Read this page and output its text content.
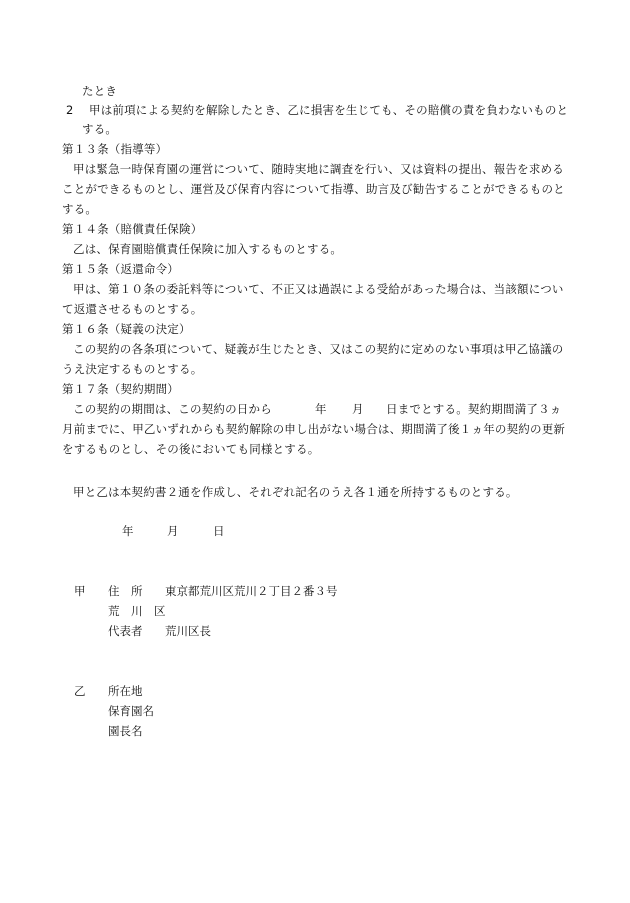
たとき
2 甲は前項による契約を解除したとき、乙に損害を生じても、その賠償の責を負わないものと
する。
第１３条（指導等）
甲は緊急一時保育園の運営について、随時実地に調査を行い、又は資料の提出、報告を求める
ことができるものとし、運営及び保育内容について指導、助言及び勧告することができるものと
する。
第１４条（賠償責任保険）
乙は、保育園賠償責任保険に加入するものとする。
第１５条（返還命令）
甲は、第１０条の委託料等について、不正又は過誤による受給があった場合は、当該額につい
て返還させるものとする。
第１６条（疑義の決定）
この契約の各条項について、疑義が生じたとき、又はこの契約に定めのない事項は甲乙協議の
うえ決定するものとする。
第１７条（契約期間）
この契約の期間は、この契約の日から	年 月 日までとする。契約期間満了３ヵ
月前までに、甲乙いずれからも契約解除の申し出がない場合は、期間満了後１ヵ年の契約の更新
をするものとし、その後においても同様とする。
甲と乙は本契約書２通を作成し、それぞれ記名のうえ各１通を所持するものとする。
年	月	日
甲 住　所 東京都荒川区荒川２丁目２番３号
荒　川　区
代表者 荒川区長
乙 所在地
保育園名
園長名
